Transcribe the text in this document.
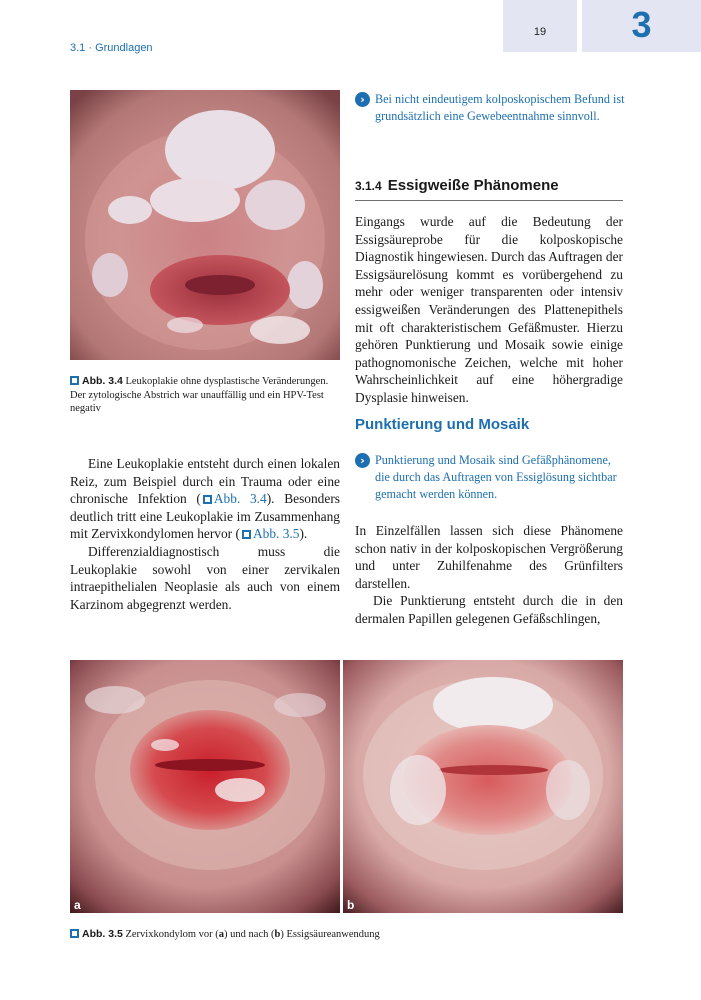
3.1 · Grundlagen
19	3
Abb. 3.4 Leukoplakie ohne dysplastische Veränderungen. Der zytologische Abstrich war unauffällig und ein HPV-Test negativ

Eine Leukoplakie entsteht durch einen lokalen Reiz, zum Beispiel durch ein Trauma oder eine chronische Infektion ( Abb. 3.4). Besonders deutlich tritt eine Leukoplakie im Zusammenhang mit Zervixkondylomen hervor ( Abb. 3.5).

Differenzialdiagnostisch muss die Leukoplakie sowohl von einer zervikalen intraepithelialen Neoplasie als auch von einem Karzinom abgegrenzt werden.

› Bei nicht eindeutigem kolposkopischem Befund ist grundsätzlich eine Gewebeentnahme sinnvoll.
3.1.4 Essigweiße Phänomene

Eingangs wurde auf die Bedeutung der Essigsäureprobe für die kolposkopische Diagnostik hingewiesen. Durch das Auftragen der Essigsäurelösung kommt es vorübergehend zu mehr oder weniger transparenten oder intensiv essigweißen Veränderungen des Plattenepithels mit oft charakteristischem Gefäßmuster. Hierzu gehören Punktierung und Mosaik sowie einige pathognomonische Zeichen, welche mit hoher Wahrscheinlichkeit auf eine höhergradige Dysplasie hinweisen.

Punktierung und Mosaik
› Punktierung und Mosaik sind Gefäßphänomene, die durch das Auftragen von Essiglösung sichtbar gemacht werden können.

In Einzelfällen lassen sich diese Phänomene schon nativ in der kolposkopischen Vergrößerung und unter Zuhilfenahme des Grünfilters darstellen.

Die Punktierung entsteht durch die in den dermalen Papillen gelegenen Gefäßschlingen,

a	b
Abb. 3.5 Zervixkondylom vor (a) und nach (b) Essigsäureanwendung
